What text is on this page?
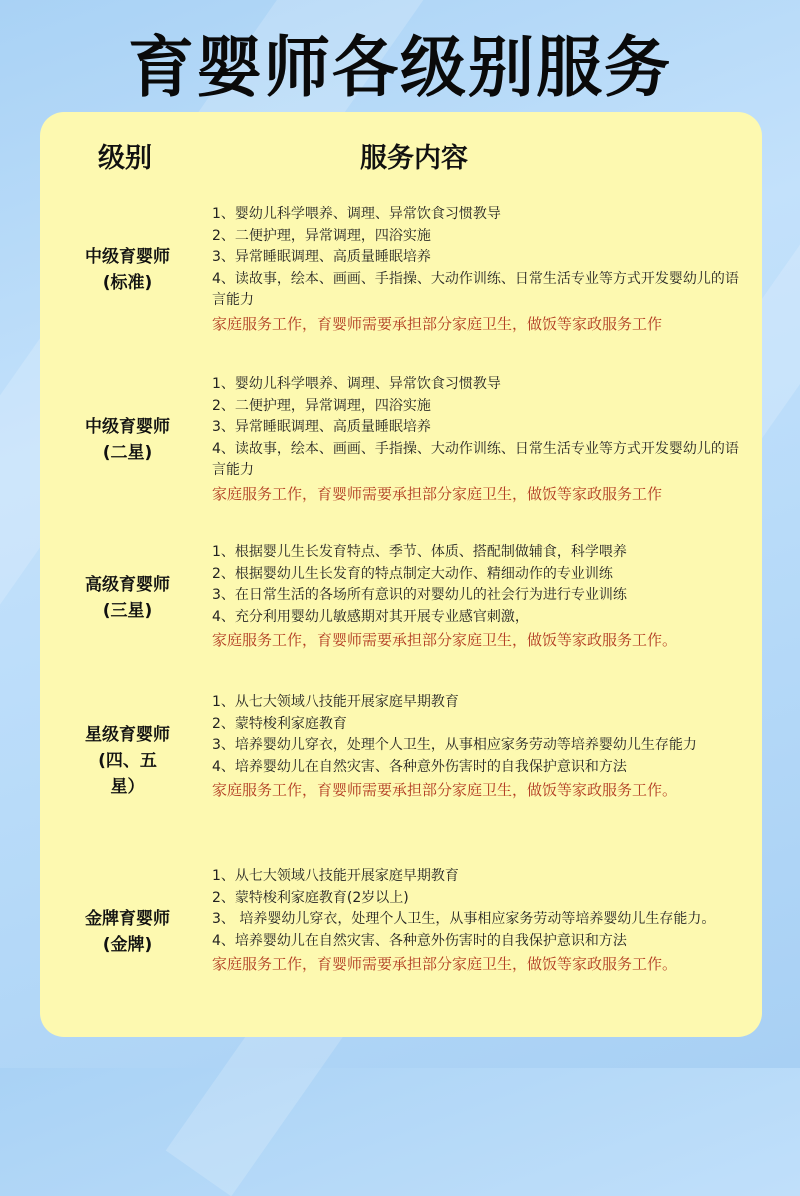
育婴师各级别服务
级别	服务内容
中级育婴师
(标准)
1、婴幼儿科学喂养、调理、异常饮食习惯教导
2、二便护理，异常调理，四浴实施
3、异常睡眠调理、高质量睡眠培养
4、读故事，绘本、画画、手指操、大动作训练、日常生活专业等方式开发婴幼儿的语言能力
家庭服务工作，育婴师需要承担部分家庭卫生，做饭等家政服务工作
中级育婴师
(二星)
1、婴幼儿科学喂养、调理、异常饮食习惯教导
2、二便护理，异常调理，四浴实施
3、异常睡眠调理、高质量睡眠培养
4、读故事，绘本、画画、手指操、大动作训练、日常生活专业等方式开发婴幼儿的语言能力
家庭服务工作，育婴师需要承担部分家庭卫生，做饭等家政服务工作
高级育婴师
(三星)
1、根据婴儿生长发育特点、季节、体质、搭配制做辅食，科学喂养
2、根据婴幼儿生长发育的特点制定大动作、精细动作的专业训练
3、在日常生活的各场所有意识的对婴幼儿的社会行为进行专业训练
4、充分利用婴幼儿敏感期对其开展专业感官刺激，
家庭服务工作，育婴师需要承担部分家庭卫生，做饭等家政服务工作。
星级育婴师
(四、五
星）
1、从七大领域八技能开展家庭早期教育
2、蒙特梭利家庭教育
3、培养婴幼儿穿衣，处理个人卫生，从事相应家务劳动等培养婴幼儿生存能力
4、培养婴幼儿在自然灾害、各种意外伤害时的自我保护意识和方法
家庭服务工作，育婴师需要承担部分家庭卫生，做饭等家政服务工作。
金牌育婴师
(金牌)
1、从七大领域八技能开展家庭早期教育
2、蒙特梭利家庭教育(2岁以上)
3、 培养婴幼儿穿衣，处理个人卫生，从事相应家务劳动等培养婴幼儿生存能力。
4、培养婴幼儿在自然灾害、各种意外伤害时的自我保护意识和方法
家庭服务工作，育婴师需要承担部分家庭卫生，做饭等家政服务工作。
